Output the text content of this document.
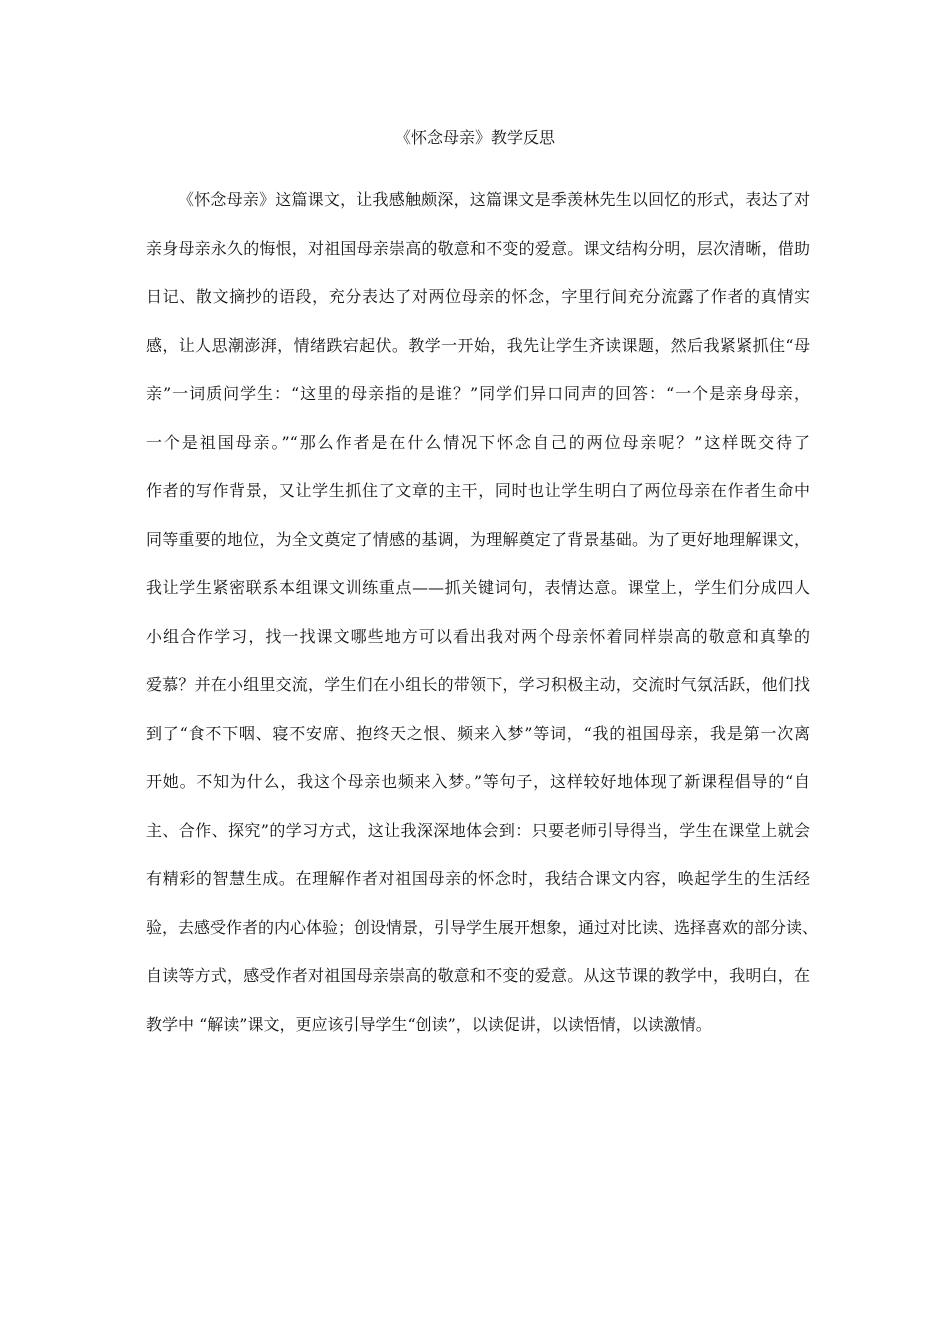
《怀念母亲》教学反思
《怀念母亲》这篇课文，让我感触颇深，这篇课文是季羡林先生以回忆的形式，表达了对
亲身母亲永久的悔恨，对祖国母亲崇高的敬意和不变的爱意。课文结构分明，层次清晰，借助
日记、散文摘抄的语段，充分表达了对两位母亲的怀念，字里行间充分流露了作者的真情实
感，让人思潮澎湃，情绪跌宕起伏。教学一开始，我先让学生齐读课题，然后我紧紧抓住“母
亲”一词质问学生：“这里的母亲指的是谁？”同学们异口同声的回答：“一个是亲身母亲，
一个是祖国母亲。”“那么作者是在什么情况下怀念自己的两位母亲呢？”这样既交待了
作者的写作背景，又让学生抓住了文章的主干，同时也让学生明白了两位母亲在作者生命中
同等重要的地位，为全文奠定了情感的基调，为理解奠定了背景基础。为了更好地理解课文，
我让学生紧密联系本组课文训练重点——抓关键词句，表情达意。课堂上，学生们分成四人
小组合作学习，找一找课文哪些地方可以看出我对两个母亲怀着同样崇高的敬意和真挚的
爱慕？并在小组里交流，学生们在小组长的带领下，学习积极主动，交流时气氛活跃，他们找
到了“食不下咽、寝不安席、抱终天之恨、频来入梦”等词，“我的祖国母亲，我是第一次离
开她。不知为什么，我这个母亲也频来入梦。”等句子，这样较好地体现了新课程倡导的“自
主、合作、探究”的学习方式，这让我深深地体会到：只要老师引导得当，学生在课堂上就会
有精彩的智慧生成。在理解作者对祖国母亲的怀念时，我结合课文内容，唤起学生的生活经
验，去感受作者的内心体验；创设情景，引导学生展开想象，通过对比读、选择喜欢的部分读、
自读等方式，感受作者对祖国母亲崇高的敬意和不变的爱意。从这节课的教学中，我明白，在
教学中 “解读”课文，更应该引导学生“创读”，以读促讲，以读悟情，以读激情。
